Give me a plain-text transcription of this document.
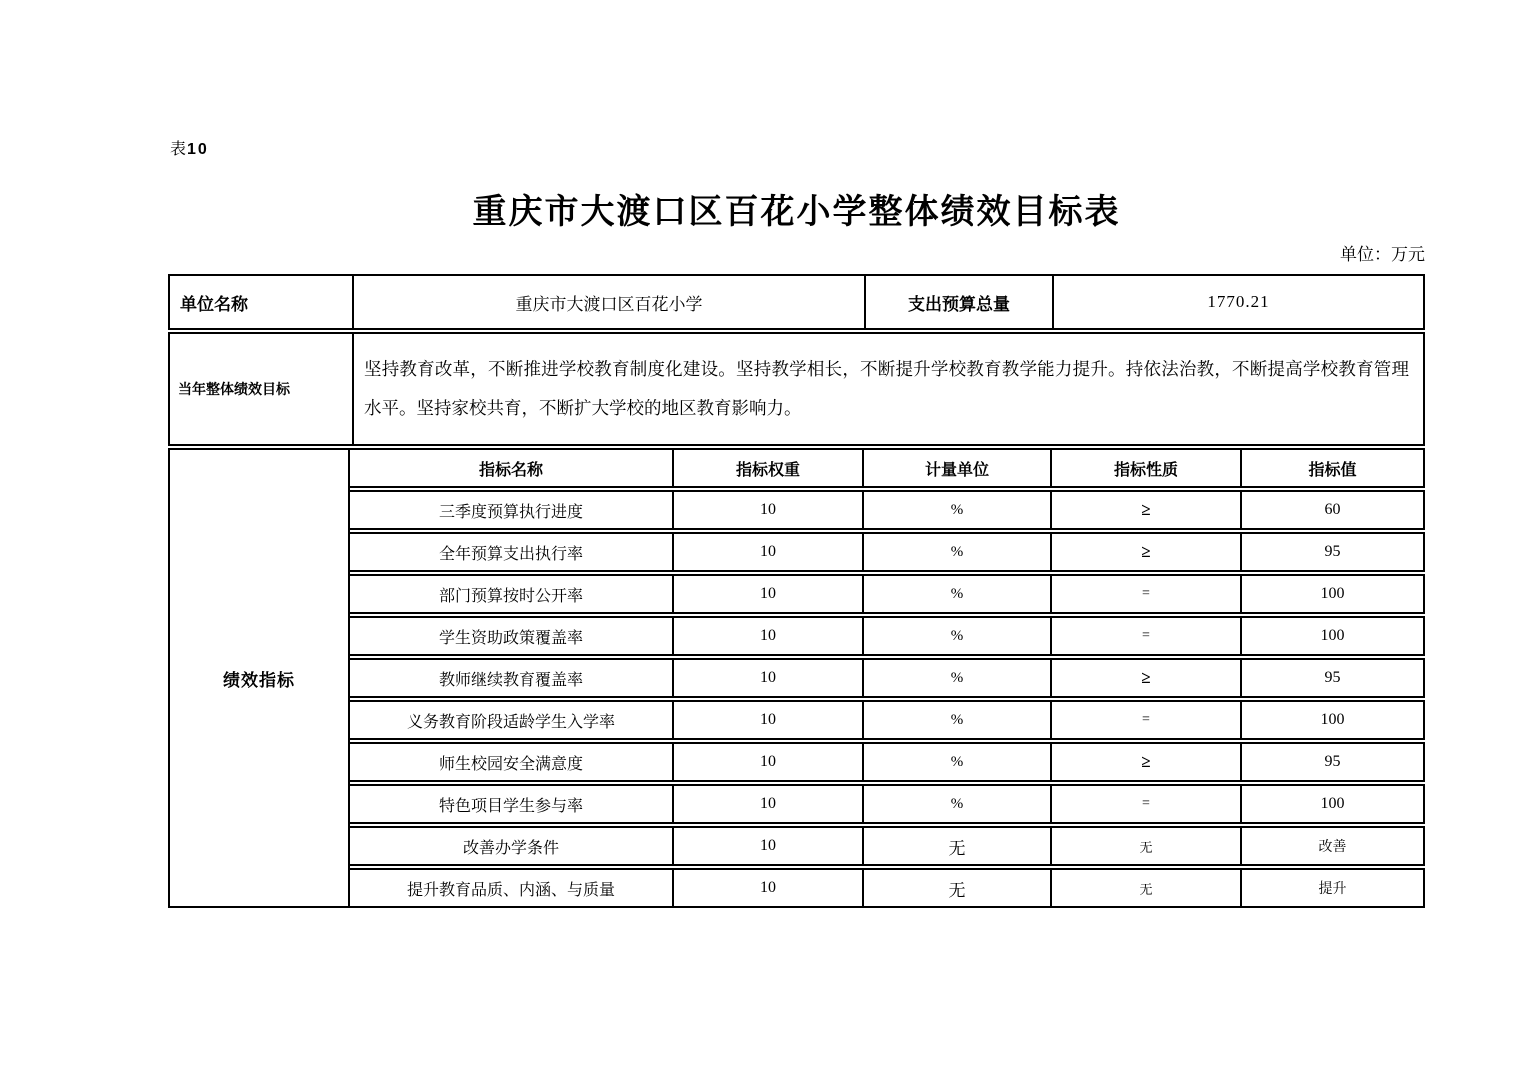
表10
重庆市大渡口区百花小学整体绩效目标表
单位：万元
单位名称	重庆市大渡口区百花小学	支出预算总量	1770.21
当年整体绩效目标
坚持教育改革，不断推进学校教育制度化建设。坚持教学相长，不断提升学校教育教学能力提升。持依法治教，不断提高学校教育管理水平。坚持家校共育，不断扩大学校的地区教育影响力。
绩效指标
指标名称	指标权重	计量单位	指标性质	指标值
三季度预算执行进度	10	%	≥	60
全年预算支出执行率	10	%	≥	95
部门预算按时公开率	10	%	=	100
学生资助政策覆盖率	10	%	=	100
教师继续教育覆盖率	10	%	≥	95
义务教育阶段适龄学生入学率	10	%	=	100
师生校园安全满意度	10	%	≥	95
特色项目学生参与率	10	%	=	100
改善办学条件	10	无	无	改善
提升教育品质、内涵、与质量	10	无	无	提升
